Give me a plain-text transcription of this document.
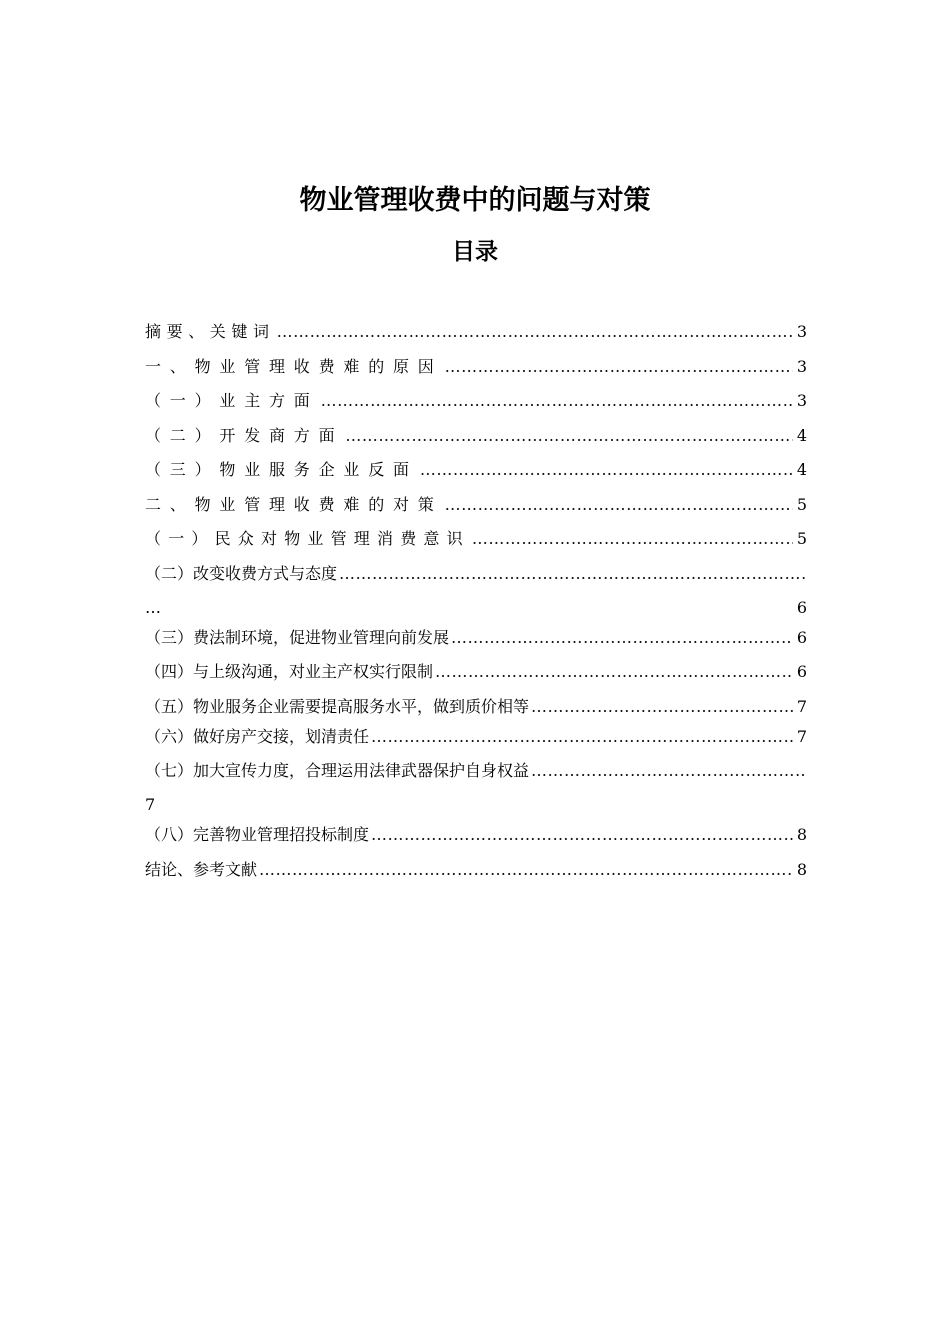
物业管理收费中的问题与对策
目录
摘要、关键词 ………………………………………………………………………………………………………………………………	3
一、物业管理收费难的原因 ………………………………………………………………………………………………………………………………	3
（一）业主方面 ………………………………………………………………………………………………………………………………	3
（二）开发商方面 ………………………………………………………………………………………………………………………………	4
（三）物业服务企业反面 ………………………………………………………………………………………………………………………………	4
二、物业管理收费难的对策 ………………………………………………………………………………………………………………………………	5
（一）民众对物业管理消费意识 ………………………………………………………………………………………………………………………………	5
（二）改变收费方式与态度
………………………………………………………………………………………………………………………………
…	6
（三）费法制环境，促进物业管理向前发展 ………………………………………………………………………………………………………………………………	6
（四）与上级沟通，对业主产权实行限制 ………………………………………………………………………………………………………………………………	6
（五）物业服务企业需要提高服务水平，做到质价相等 ………………………………………………………………………………………………………………………………	7
（六）做好房产交接，划清责任 ………………………………………………………………………………………………………………………………	7
（七）加大宣传力度，合理运用法律武器保护自身权益
………………………………………………………………………………………………………………………………
7
（八）完善物业管理招投标制度 ………………………………………………………………………………………………………………………………	8
结论、参考文献 ………………………………………………………………………………………………………………………………	8
